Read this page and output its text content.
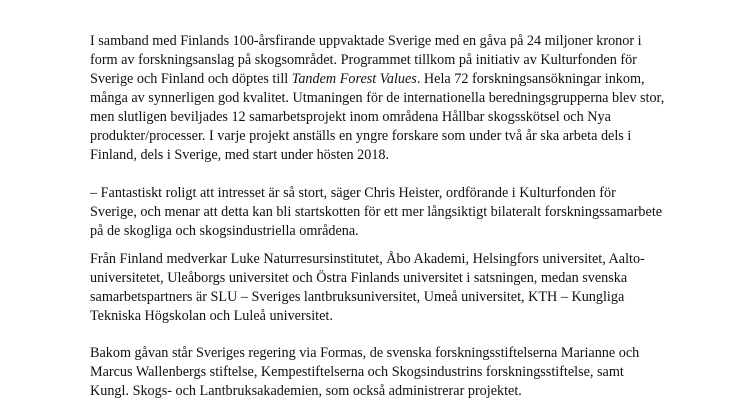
I samband med Finlands 100-årsfirande uppvaktade Sverige med en gåva på 24 miljoner kronor i
form av forskningsanslag på skogsområdet. Programmet tillkom på initiativ av Kulturfonden för
Sverige och Finland och döptes till Tandem Forest Values. Hela 72 forskningsansökningar inkom,
många av synnerligen god kvalitet. Utmaningen för de internationella beredningsgrupperna blev stor,
men slutligen beviljades 12 samarbetsprojekt inom områdena Hållbar skogsskötsel och Nya
produkter/processer. I varje projekt anställs en yngre forskare som under två år ska arbeta dels i
Finland, dels i Sverige, med start under hösten 2018.

– Fantastiskt roligt att intresset är så stort, säger Chris Heister, ordförande i Kulturfonden för
Sverige, och menar att detta kan bli startskotten för ett mer långsiktigt bilateralt forskningssamarbete
på de skogliga och skogsindustriella områdena.

Från Finland medverkar Luke Naturresursinstitutet, Åbo Akademi, Helsingfors universitet, Aalto-
universitetet, Uleåborgs universitet och Östra Finlands universitet i satsningen, medan svenska
samarbetspartners är SLU – Sveriges lantbruksuniversitet, Umeå universitet, KTH – Kungliga
Tekniska Högskolan och Luleå universitet.

Bakom gåvan står Sveriges regering via Formas, de svenska forskningsstiftelserna Marianne och
Marcus Wallenbergs stiftelse, Kempestiftelserna och Skogsindustrins forskningsstiftelse, samt
Kungl. Skogs- och Lantbruksakademien, som också administrerar projektet.
